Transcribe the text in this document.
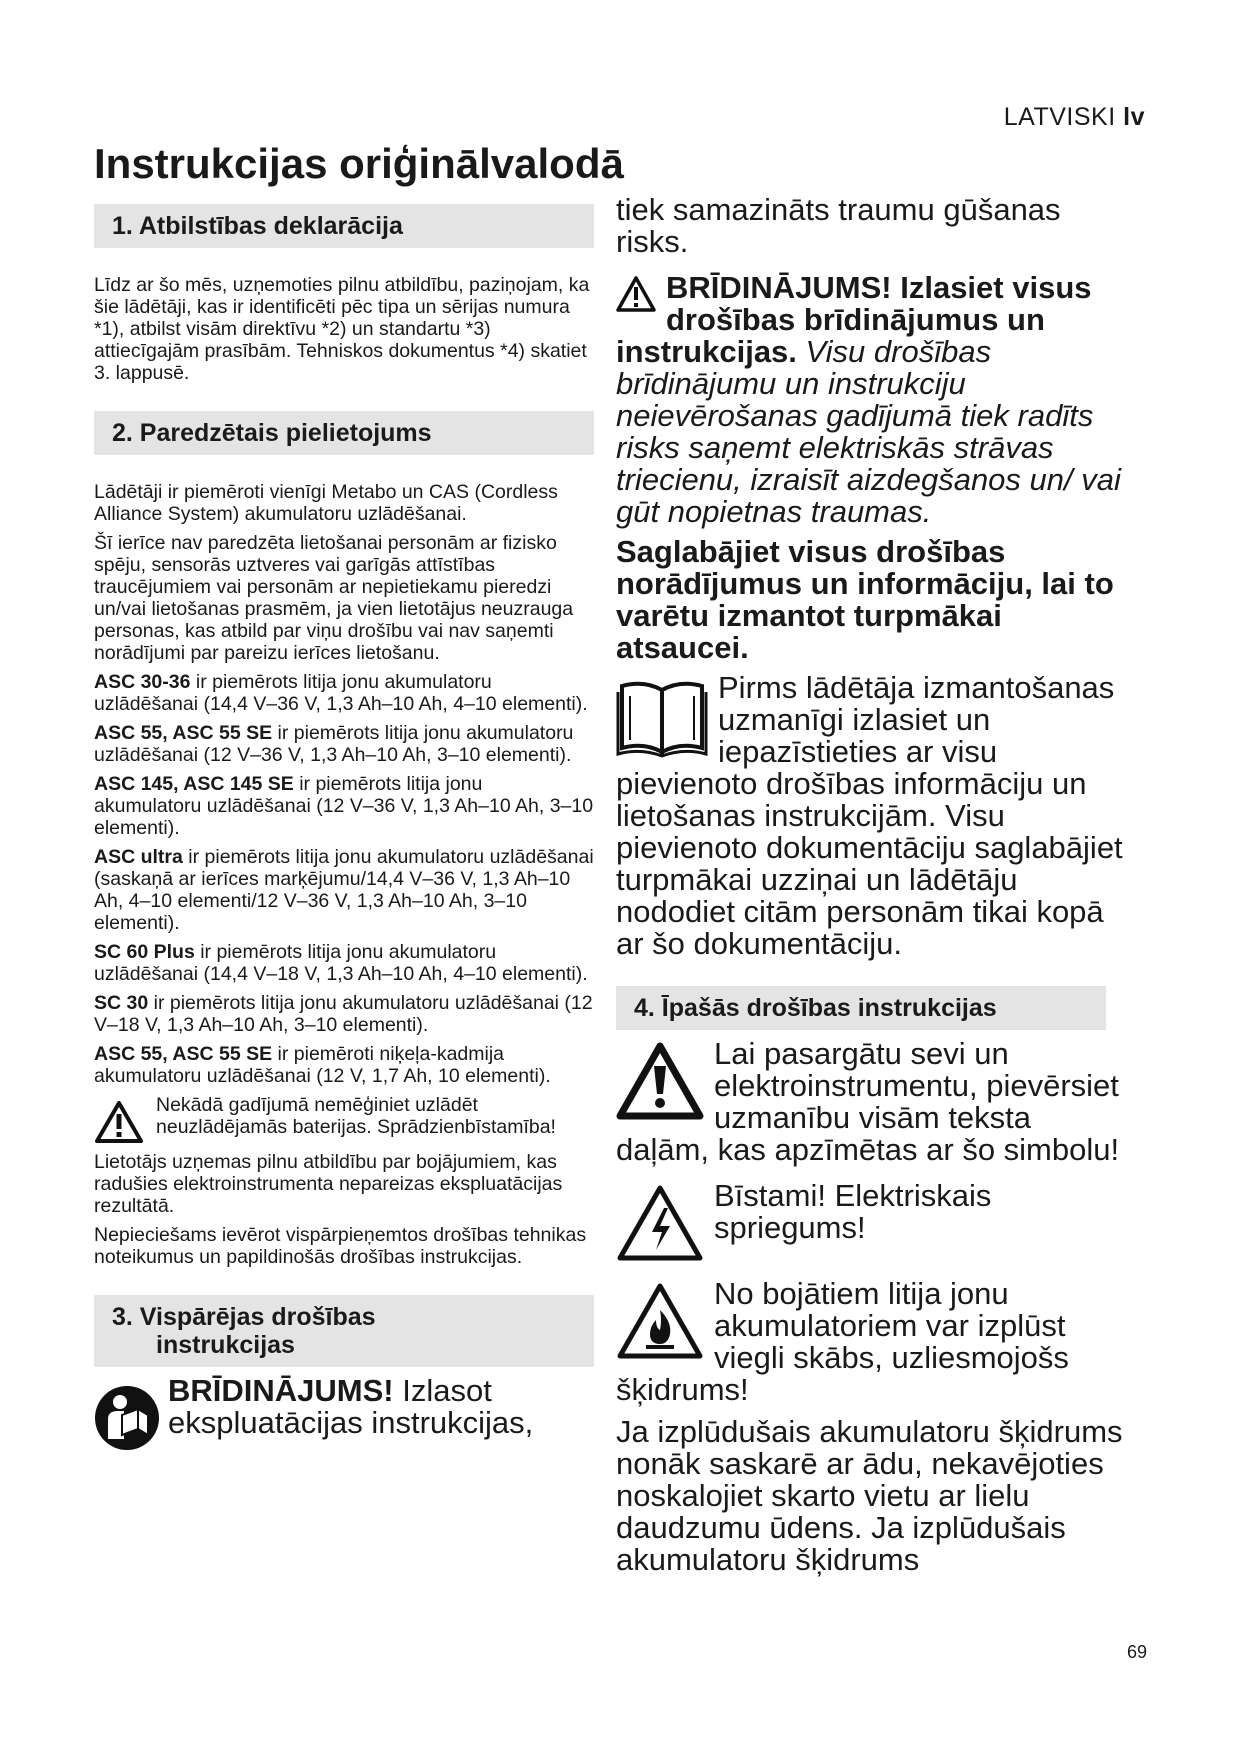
LATVISKI lv
Instrukcijas oriģinālvalodā
1. Atbilstības deklarācija

Līdz ar šo mēs, uzņemoties pilnu atbildību, paziņojam, ka šie lādētāji, kas ir identificēti pēc tipa un sērijas numura *1), atbilst visām direktīvu *2) un standartu *3) attiecīgajām prasībām. Tehniskos dokumentus *4) skatiet 3. lappusē.

2. Paredzētais pielietojums

Lādētāji ir piemēroti vienīgi Metabo un CAS (Cordless Alliance System) akumulatoru uzlādēšanai.

Šī ierīce nav paredzēta lietošanai personām ar fizisko spēju, sensorās uztveres vai garīgās attīstības traucējumiem vai personām ar nepietiekamu pieredzi un/vai lietošanas prasmēm, ja vien lietotājus neuzrauga personas, kas atbild par viņu drošību vai nav saņemti norādījumi par pareizu ierīces lietošanu.

ASC 30-36 ir piemērots litija jonu akumulatoru uzlādēšanai (14,4 V–36 V, 1,3 Ah–10 Ah, 4–10 elementi).

ASC 55, ASC 55 SE ir piemērots litija jonu akumulatoru uzlādēšanai (12 V–36 V, 1,3 Ah–10 Ah, 3–10 elementi).

ASC 145, ASC 145 SE ir piemērots litija jonu akumulatoru uzlādēšanai (12 V–36 V, 1,3 Ah–10 Ah, 3–10 elementi).

ASC ultra ir piemērots litija jonu akumulatoru uzlādēšanai (saskaņā ar ierīces marķējumu/14,4 V–36 V, 1,3 Ah–10 Ah, 4–10 elementi/12 V–36 V, 1,3 Ah–10 Ah, 3–10 elementi).

SC 60 Plus ir piemērots litija jonu akumulatoru uzlādēšanai (14,4 V–18 V, 1,3 Ah–10 Ah, 4–10 elementi).

SC 30 ir piemērots litija jonu akumulatoru uzlādēšanai (12 V–18 V, 1,3 Ah–10 Ah, 3–10 elementi).

ASC 55, ASC 55 SE ir piemēroti niķeļa-kadmija akumulatoru uzlādēšanai (12 V, 1,7 Ah, 10 elementi).

Nekādā gadījumā nemēģiniet uzlādēt neuzlādējamās baterijas. Sprādzienbīstamība!

Lietotājs uzņemas pilnu atbildību par bojājumiem, kas radušies elektroinstrumenta nepareizas ekspluatācijas rezultātā.

Nepieciešams ievērot vispārpieņemtos drošības tehnikas noteikumus un papildinošās drošības instrukcijas.

3. Vispārējas drošības
instrukcijas

BRĪDINĀJUMS! Izlasot ekspluatācijas instrukcijas,

tiek samazināts traumu gūšanas risks.

BRĪDINĀJUMS! Izlasiet visus drošības brīdinājumus un instrukcijas. Visu drošības brīdinājumu un instrukciju neievērošanas gadījumā tiek radīts risks saņemt elektriskās strāvas triecienu, izraisīt aizdegšanos un/ vai gūt nopietnas traumas.

Saglabājiet visus drošības norādījumus un informāciju, lai to varētu izmantot turpmākai atsaucei.

Pirms lādētāja izmantošanas uzmanīgi izlasiet un iepazīstieties ar visu pievienoto drošības informāciju un lietošanas instrukcijām. Visu pievienoto dokumentāciju saglabājiet turpmākai uzziņai un lādētāju nododiet citām personām tikai kopā ar šo dokumentāciju.

4. Īpašās drošības instrukcijas

Lai pasargātu sevi un elektroinstrumentu, pievērsiet uzmanību visām teksta daļām, kas apzīmētas ar šo simbolu!

Bīstami! Elektriskais spriegums!

No bojātiem litija jonu akumulatoriem var izplūst viegli skābs, uzliesmojošs šķidrums!

Ja izplūdušais akumulatoru šķidrums nonāk saskarē ar ādu, nekavējoties noskalojiet skarto vietu ar lielu daudzumu ūdens. Ja izplūdušais akumulatoru šķidrums

69
